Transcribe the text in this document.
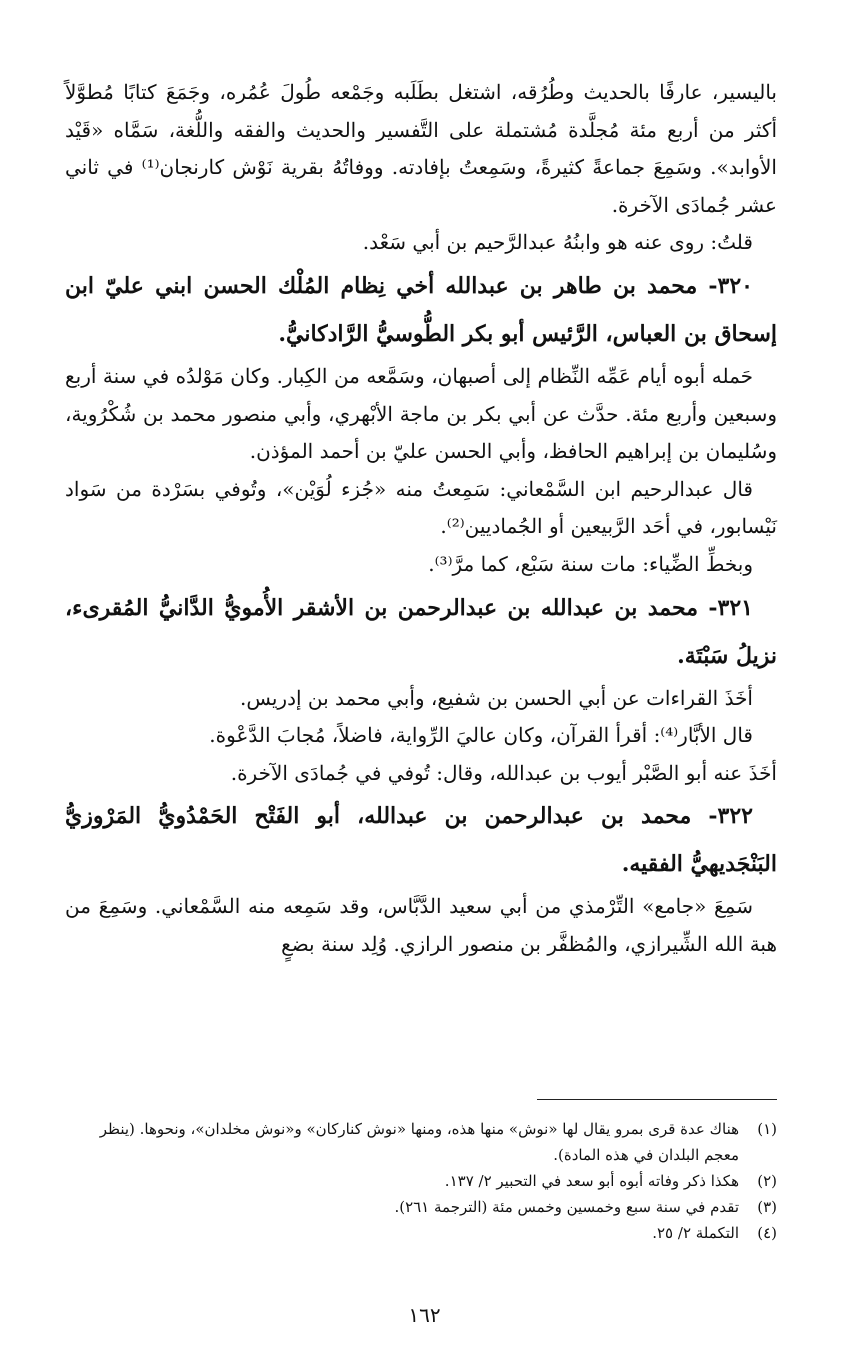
باليسير، عارفًا بالحديث وطُرُقه، اشتغل بطَلَبه وجَمْعه طُولَ عُمُره، وجَمَعَ كتابًا مُطوَّلاً أكثر من أربع مئة مُجلَّدة مُشتملة على التَّفسير والحديث والفقه واللُّغة، سَمَّاه «قَيْد الأوابد». وسَمِعَ جماعةً كثيرةً، وسَمِعتُ بإفادته. ووفاتُهُ بقرية نَوْش كارنجان⁽¹⁾ في ثاني عشر جُمادَى الآخرة.

قلتُ: روى عنه هو وابنُهُ عبدالرَّحيم بن أبي سَعْد.

٣٢٠- محمد بن طاهر بن عبدالله أخي نِظام المُلْك الحسن ابني عليّ ابن إسحاق بن العباس، الرَّئيس أبو بكر الطُّوسيُّ الرَّادكانيُّ.

حَمله أبوه أيام عَمِّه النِّظام إلى أصبهان، وسَمَّعه من الكِبار. وكان مَوْلدُه في سنة أربع وسبعين وأربع مئة. حدَّث عن أبي بكر بن ماجة الأبْهري، وأبي منصور محمد بن شُكْرُوية، وسُليمان بن إبراهيم الحافظ، وأبي الحسن عليّ بن أحمد المؤذن.

قال عبدالرحيم ابن السَّمْعاني: سَمِعتُ منه «جُزء لُوَيْن»، وتُوفي بسَرْدة من سَواد نَيْسابور، في أحَد الرَّبيعين أو الجُماديين⁽²⁾.

وبخطِّ الضِّياء: مات سنة سَبْع، كما مرَّ⁽³⁾.

٣٢١- محمد بن عبدالله بن عبدالرحمن بن الأشقر الأُمويُّ الدَّانيُّ المُقرىء، نزيلُ سَبْتَة.

أخَذَ القراءات عن أبي الحسن بن شفيع، وأبي محمد بن إدريس.

قال الأبَّار⁽⁴⁾: أقرأ القرآن، وكان عاليَ الرِّواية، فاضلاً، مُجابَ الدَّعْوة.

أخَذَ عنه أبو الصَّبْر أيوب بن عبدالله، وقال: تُوفي في جُمادَى الآخرة.

٣٢٢- محمد بن عبدالرحمن بن عبدالله، أبو الفَتْح الحَمْدُويُّ المَرْوزيُّ البَنْجَديهيُّ الفقيه.

سَمِعَ «جامع» التِّرْمذي من أبي سعيد الدَّبَّاس، وقد سَمِعه منه السَّمْعاني. وسَمِعَ من هبة الله الشِّيرازي، والمُظفَّر بن منصور الرازي. وُلِد سنة بضعٍ

(١)
هناك عدة قرى بمرو يقال لها «نوش» منها هذه، ومنها «نوش كنارکان» و«نوش مخلدان»، ونحوها. (ينظر معجم البلدان في هذه المادة).
(٢)
هكذا ذكر وفاته أبوه أبو سعد في التحبير ٢/ ١٣٧.
(٣)
تقدم في سنة سبع وخمسين وخمس مئة (الترجمة ٢٦١).
(٤)
التكملة ٢/ ٢٥.
١٦٢
